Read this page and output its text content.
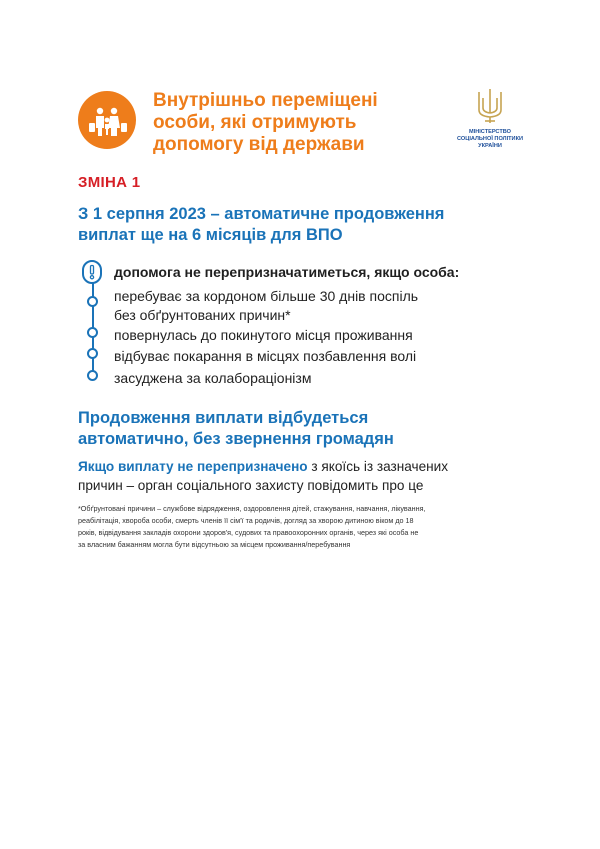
Внутрішньо переміщені
особи, які отримують
допомогу від держави
МІНІСТЕРСТВО
СОЦІАЛЬНОЇ ПОЛІТИКИ
УКРАЇНИ
ЗМІНА 1
З 1 серпня 2023 – автоматичне продовження
виплат ще на 6 місяців для ВПО
допомога не перепризначатиметься, якщо особа:
перебуває за кордоном більше 30 днів поспіль
без обґрунтованих причин*
повернулась до покинутого місця проживання
відбуває покарання в місцях позбавлення волі
засуджена за колабораціонізм
Продовження виплати відбудеться
автоматично, без звернення громадян
Якщо виплату не перепризначено з якоїсь із зазначених
причин – орган соціального захисту повідомить про це
*Обґрунтовані причини – службове відрядження, оздоровлення дітей, стажування, навчання, лікування,
реабілітація, хвороба особи, смерть членів її сім'ї та родичів, догляд за хворою дитиною віком до 18
років, відвідування закладів охорони здоров'я, судових та правоохоронних органів, через які особа не
за власним бажанням могла бути відсутньою за місцем проживання/перебування
